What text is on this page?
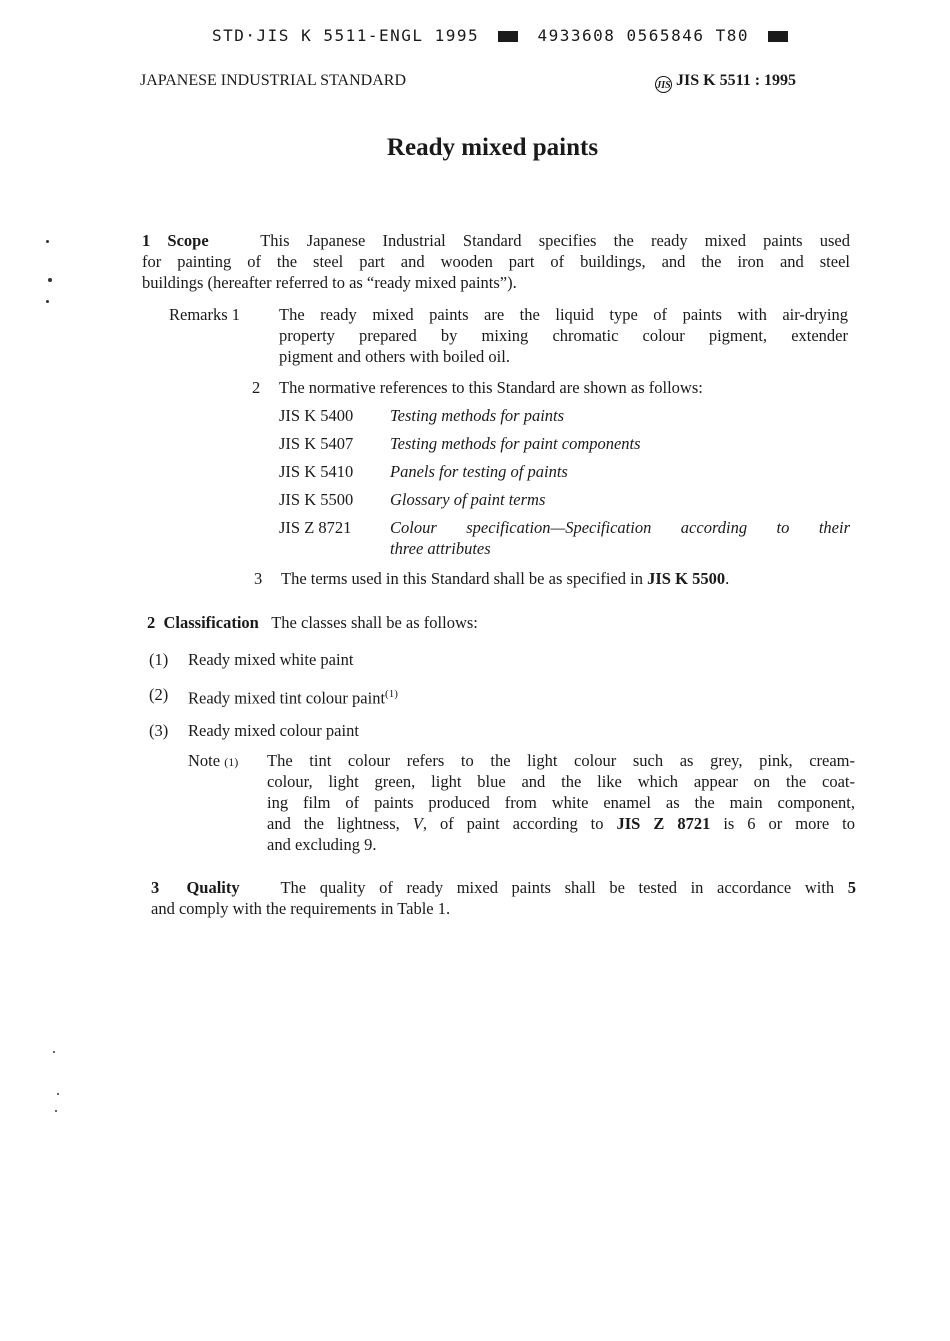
STD·JIS K 5511-ENGL 1995	4933608 0565846 T80
JAPANESE INDUSTRIAL STANDARD	JIS JIS K 5511 : 1995
Ready mixed paints
1 Scope	This Japanese Industrial Standard specifies the ready mixed paints used
for painting of the steel part and wooden part of buildings, and the iron and steel
buildings (hereafter referred to as “ready mixed paints”).
Remarks 1 The ready mixed paints are the liquid type of paints with air-drying
property prepared by mixing chromatic colour pigment, extender
pigment and others with boiled oil.
2 The normative references to this Standard are shown as follows:
JIS K 5400 Testing methods for paints
JIS K 5407 Testing methods for paint components
JIS K 5410 Panels for testing of paints
JIS K 5500 Glossary of paint terms
JIS Z 8721 Colour specification—Specification according to their
three attributes
3 The terms used in this Standard shall be as specified in JIS K 5500.
2 Classification The classes shall be as follows:
(1) Ready mixed white paint
(2) Ready mixed tint colour paint$^{(1)}$
(3) Ready mixed colour paint
Note (1) The tint colour refers to the light colour such as grey, pink, cream-
colour, light green, light blue and the like which appear on the coat-
ing film of paints produced from white enamel as the main component,
and the lightness, V, of paint according to JIS Z 8721 is 6 or more to
and excluding 9.
3 Quality The quality of ready mixed paints shall be tested in accordance with 5
and comply with the requirements in Table 1.
